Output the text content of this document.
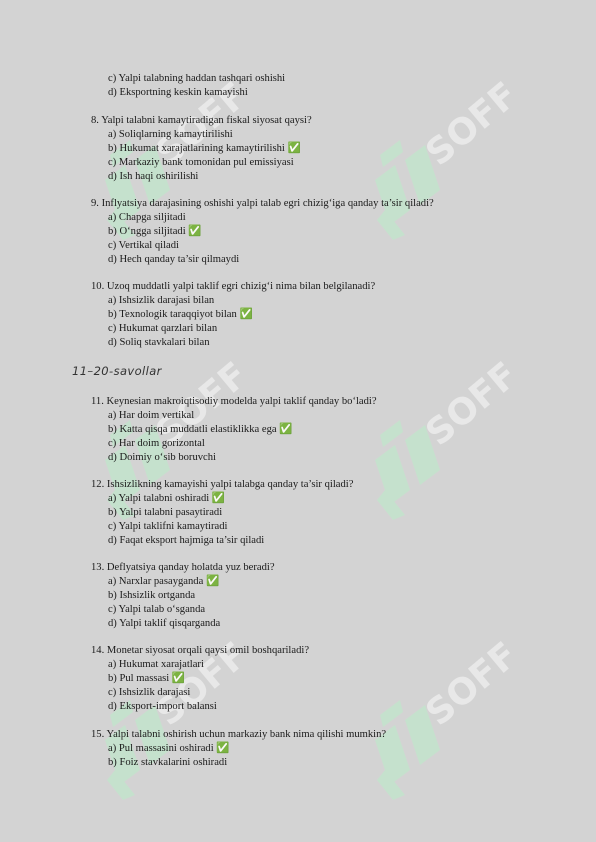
SOFF	SOFF
SOFF	SOFF
SOFF	SOFF
c) Yalpi talabning haddan tashqari oshishi
d) Eksportning keskin kamayishi
8. Yalpi talabni kamaytiradigan fiskal siyosat qaysi?
a) Soliqlarning kamaytirilishi
b) Hukumat xarajatlarining kamaytirilishi ✅
c) Markaziy bank tomonidan pul emissiyasi
d) Ish haqi oshirilishi
9. Inflyatsiya darajasining oshishi yalpi talab egri chizig‘iga qanday ta’sir qiladi?
a) Chapga siljitadi
b) O‘ngga siljitadi ✅
c) Vertikal qiladi
d) Hech qanday ta’sir qilmaydi
10. Uzoq muddatli yalpi taklif egri chizig‘i nima bilan belgilanadi?
a) Ishsizlik darajasi bilan
b) Texnologik taraqqiyot bilan ✅
c) Hukumat qarzlari bilan
d) Soliq stavkalari bilan
11. Keynesian makroiqtisodiy modelda yalpi taklif qanday bo‘ladi?
a) Har doim vertikal
b) Katta qisqa muddatli elastiklikka ega ✅
c) Har doim gorizontal
d) Doimiy o‘sib boruvchi
12. Ishsizlikning kamayishi yalpi talabga qanday ta’sir qiladi?
a) Yalpi talabni oshiradi ✅
b) Yalpi talabni pasaytiradi
c) Yalpi taklifni kamaytiradi
d) Faqat eksport hajmiga ta’sir qiladi
13. Deflyatsiya qanday holatda yuz beradi?
a) Narxlar pasayganda ✅
b) Ishsizlik ortganda
c) Yalpi talab o‘sganda
d) Yalpi taklif qisqarganda
14. Monetar siyosat orqali qaysi omil boshqariladi?
a) Hukumat xarajatlari
b) Pul massasi ✅
c) Ishsizlik darajasi
d) Eksport-import balansi
15. Yalpi talabni oshirish uchun markaziy bank nima qilishi mumkin?
a) Pul massasini oshiradi ✅
b) Foiz stavkalarini oshiradi
11–20-savollar
